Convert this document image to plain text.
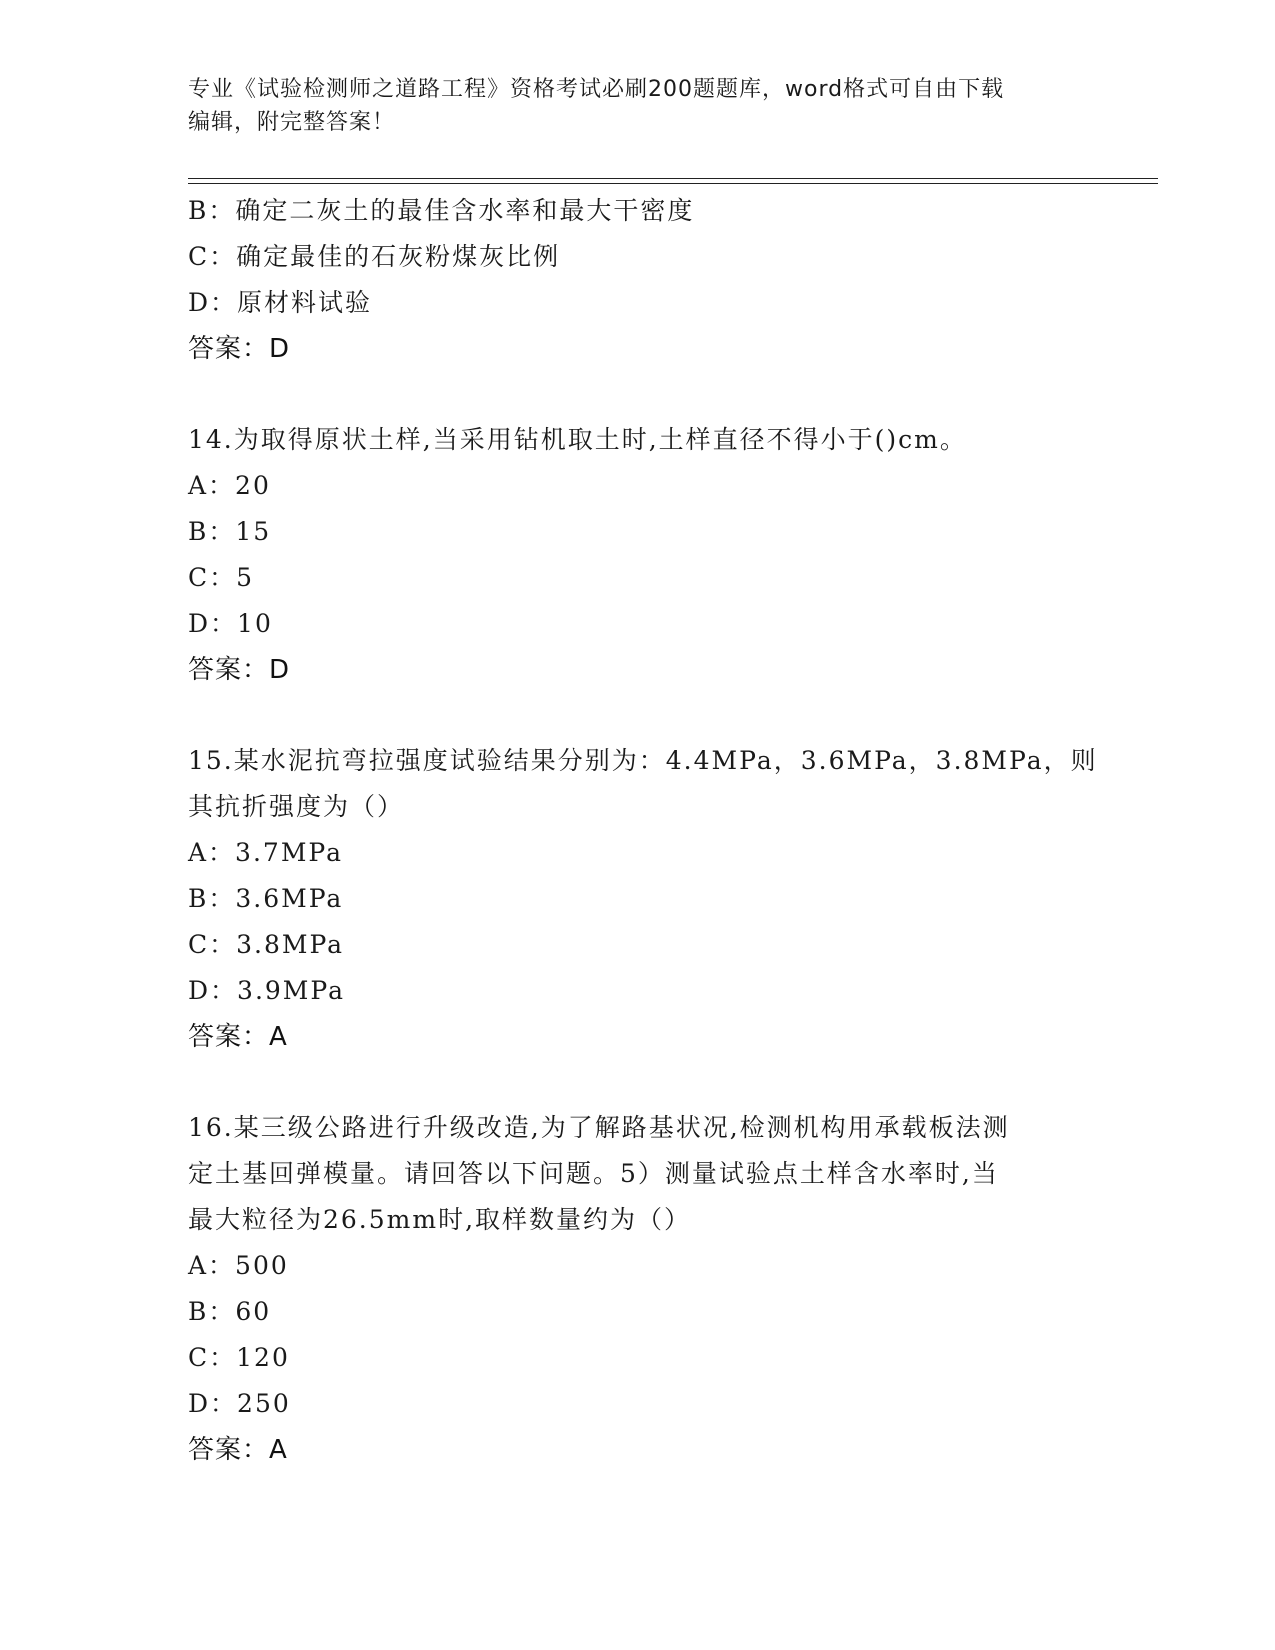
专业《试验检测师之道路工程》资格考试必刷200题题库，word格式可自由下载
编辑，附完整答案！
B：确定二灰土的最佳含水率和最大干密度
C：确定最佳的石灰粉煤灰比例
D：原材料试验
答案：D
14.为取得原状土样,当采用钻机取土时,土样直径不得小于()cm。
A：20
B：15
C：5
D：10
答案：D
15.某水泥抗弯拉强度试验结果分别为：4.4MPa，3.6MPa，3.8MPa，则
其抗折强度为（）
A：3.7MPa
B：3.6MPa
C：3.8MPa
D：3.9MPa
答案：A
16.某三级公路进行升级改造,为了解路基状况,检测机构用承载板法测
定土基回弹模量。请回答以下问题。5）测量试验点土样含水率时,当
最大粒径为26.5mm时,取样数量约为（）
A：500
B：60
C：120
D：250
答案：A
